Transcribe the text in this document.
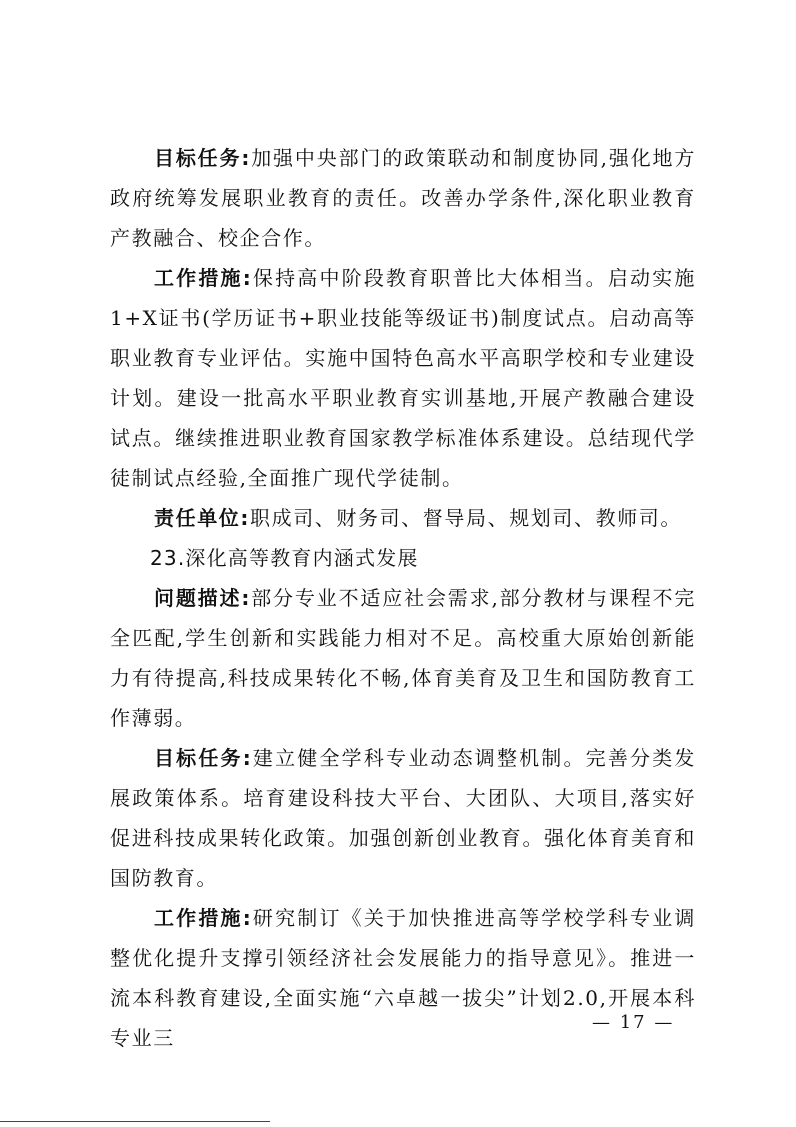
目标任务:加强中央部门的政策联动和制度协同,强化地方政府统筹发展职业教育的责任。改善办学条件,深化职业教育产教融合、校企合作。

工作措施:保持高中阶段教育职普比大体相当。启动实施1+X证书(学历证书+职业技能等级证书)制度试点。启动高等职业教育专业评估。实施中国特色高水平高职学校和专业建设计划。建设一批高水平职业教育实训基地,开展产教融合建设试点。继续推进职业教育国家教学标准体系建设。总结现代学徒制试点经验,全面推广现代学徒制。

责任单位:职成司、财务司、督导局、规划司、教师司。

23.深化高等教育内涵式发展

问题描述:部分专业不适应社会需求,部分教材与课程不完全匹配,学生创新和实践能力相对不足。高校重大原始创新能力有待提高,科技成果转化不畅,体育美育及卫生和国防教育工作薄弱。

目标任务:建立健全学科专业动态调整机制。完善分类发展政策体系。培育建设科技大平台、大团队、大项目,落实好促进科技成果转化政策。加强创新创业教育。强化体育美育和国防教育。

工作措施:研究制订《关于加快推进高等学校学科专业调整优化提升支撑引领经济社会发展能力的指导意见》。推进一流本科教育建设,全面实施“六卓越一拔尖”计划2.0,开展本科专业三

— 17 —
